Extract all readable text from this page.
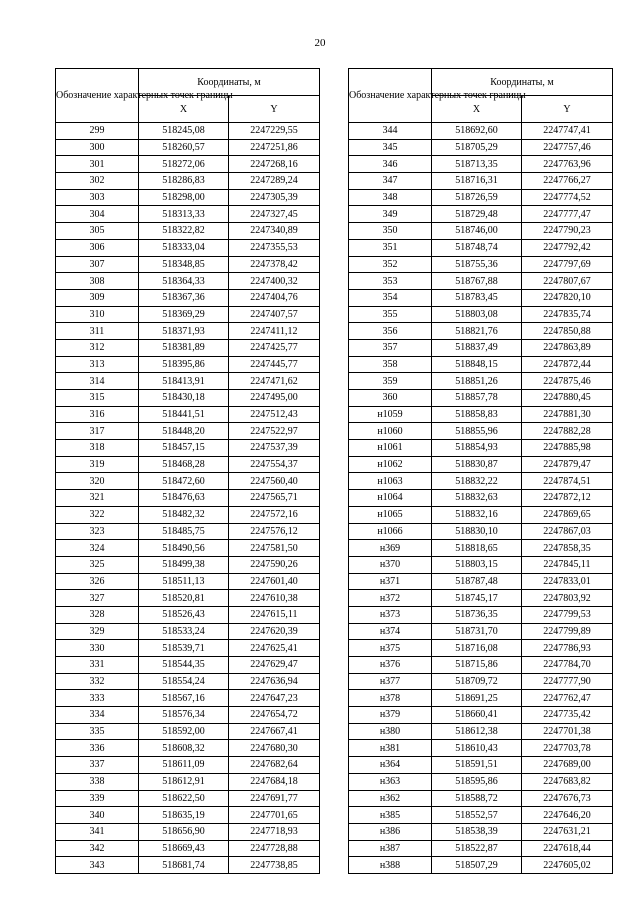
20
Обозначение характерных точек границы	Координаты, м	
	X	Y
299	518245,08	2247229,55
300	518260,57	2247251,86
301	518272,06	2247268,16
302	518286,83	2247289,24
303	518298,00	2247305,39
304	518313,33	2247327,45
305	518322,82	2247340,89
306	518333,04	2247355,53
307	518348,85	2247378,42
308	518364,33	2247400,32
309	518367,36	2247404,76
310	518369,29	2247407,57
311	518371,93	2247411,12
312	518381,89	2247425,77
313	518395,86	2247445,77
314	518413,91	2247471,62
315	518430,18	2247495,00
316	518441,51	2247512,43
317	518448,20	2247522,97
318	518457,15	2247537,39
319	518468,28	2247554,37
320	518472,60	2247560,40
321	518476,63	2247565,71
322	518482,32	2247572,16
323	518485,75	2247576,12
324	518490,56	2247581,50
325	518499,38	2247590,26
326	518511,13	2247601,40
327	518520,81	2247610,38
328	518526,43	2247615,11
329	518533,24	2247620,39
330	518539,71	2247625,41
331	518544,35	2247629,47
332	518554,24	2247636,94
333	518567,16	2247647,23
334	518576,34	2247654,72
335	518592,00	2247667,41
336	518608,32	2247680,30
337	518611,09	2247682,64
338	518612,91	2247684,18
339	518622,50	2247691,77
340	518635,19	2247701,65
341	518656,90	2247718,93
342	518669,43	2247728,88
343	518681,74	2247738,85
Обозначение характерных точек границы	Координаты, м	
	X	Y
344	518692,60	2247747,41
345	518705,29	2247757,46
346	518713,35	2247763,96
347	518716,31	2247766,27
348	518726,59	2247774,52
349	518729,48	2247777,47
350	518746,00	2247790,23
351	518748,74	2247792,42
352	518755,36	2247797,69
353	518767,88	2247807,67
354	518783,45	2247820,10
355	518803,08	2247835,74
356	518821,76	2247850,88
357	518837,49	2247863,89
358	518848,15	2247872,44
359	518851,26	2247875,46
360	518857,78	2247880,45
н1059	518858,83	2247881,30
н1060	518855,96	2247882,28
н1061	518854,93	2247885,98
н1062	518830,87	2247879,47
н1063	518832,22	2247874,51
н1064	518832,63	2247872,12
н1065	518832,16	2247869,65
н1066	518830,10	2247867,03
н369	518818,65	2247858,35
н370	518803,15	2247845,11
н371	518787,48	2247833,01
н372	518745,17	2247803,92
н373	518736,35	2247799,53
н374	518731,70	2247799,89
н375	518716,08	2247786,93
н376	518715,86	2247784,70
н377	518709,72	2247777,90
н378	518691,25	2247762,47
н379	518660,41	2247735,42
н380	518612,38	2247701,38
н381	518610,43	2247703,78
н364	518591,51	2247689,00
н363	518595,86	2247683,82
н362	518588,72	2247676,73
н385	518552,57	2247646,20
н386	518538,39	2247631,21
н387	518522,87	2247618,44
н388	518507,29	2247605,02
